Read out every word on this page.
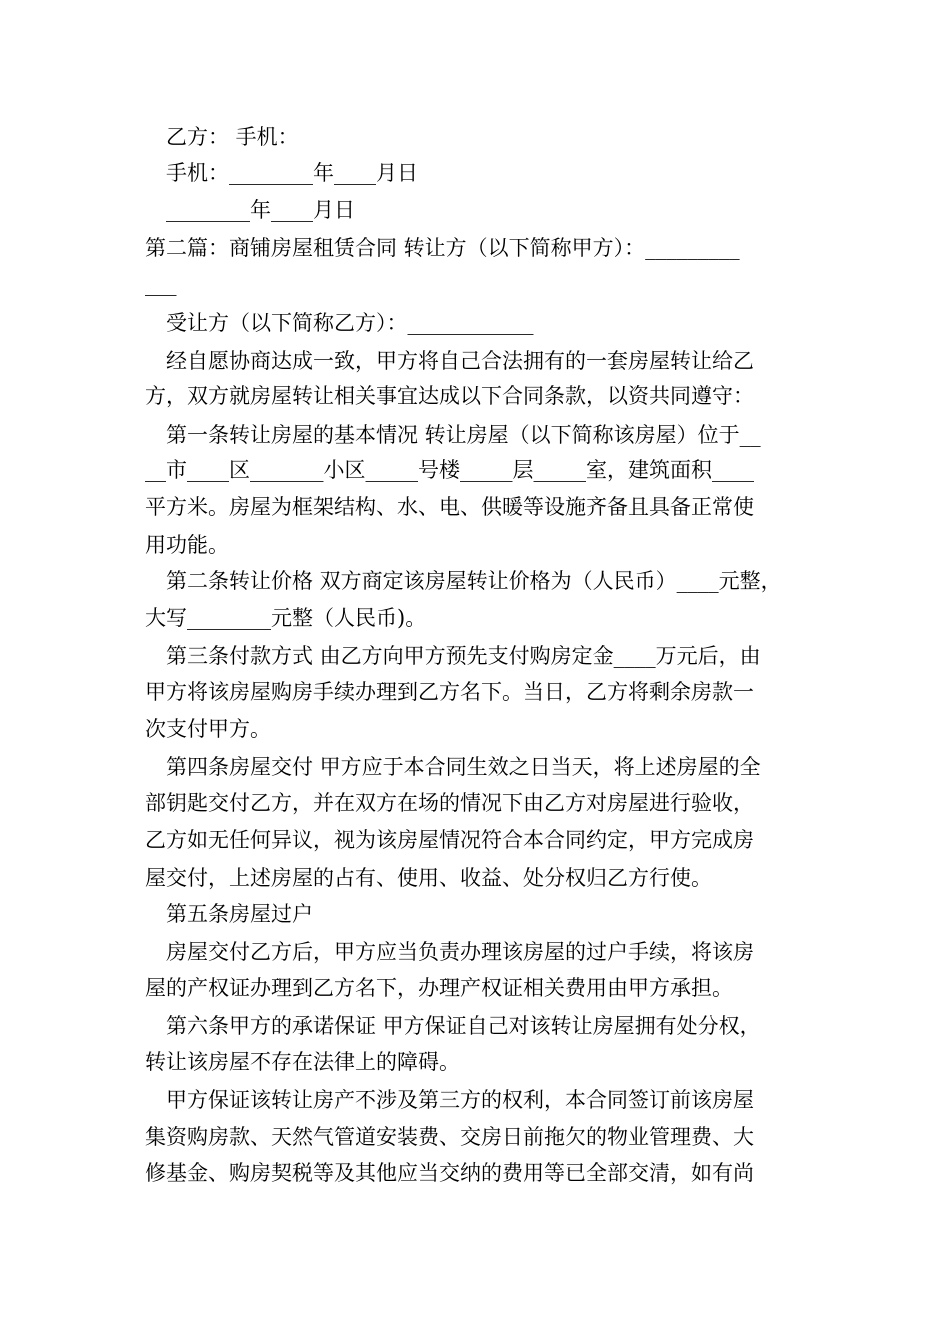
乙方： 手机：
手机：________年____月日
________年____月日
第二篇：商铺房屋租赁合同 转让方（以下简称甲方）：_________
___
受让方（以下简称乙方）：____________
经自愿协商达成一致，甲方将自己合法拥有的一套房屋转让给乙
方，双方就房屋转让相关事宜达成以下合同条款，以资共同遵守：
第一条转让房屋的基本情况 转让房屋（以下简称该房屋）位于__
__市____区_______小区_____号楼_____层_____室，建筑面积____
平方米。房屋为框架结构、水、电、供暖等设施齐备且具备正常使
用功能。
第二条转让价格 双方商定该房屋转让价格为（人民币）____元整，
大写________元整（人民币)。
第三条付款方式 由乙方向甲方预先支付购房定金____万元后，由
甲方将该房屋购房手续办理到乙方名下。当日，乙方将剩余房款一
次支付甲方。
第四条房屋交付 甲方应于本合同生效之日当天，将上述房屋的全
部钥匙交付乙方，并在双方在场的情况下由乙方对房屋进行验收，
乙方如无任何异议，视为该房屋情况符合本合同约定，甲方完成房
屋交付，上述房屋的占有、使用、收益、处分权归乙方行使。
第五条房屋过户
房屋交付乙方后，甲方应当负责办理该房屋的过户手续，将该房
屋的产权证办理到乙方名下，办理产权证相关费用由甲方承担。
第六条甲方的承诺保证 甲方保证自己对该转让房屋拥有处分权，
转让该房屋不存在法律上的障碍。
甲方保证该转让房产不涉及第三方的权利，本合同签订前该房屋
集资购房款、天然气管道安装费、交房日前拖欠的物业管理费、大
修基金、购房契税等及其他应当交纳的费用等已全部交清，如有尚
